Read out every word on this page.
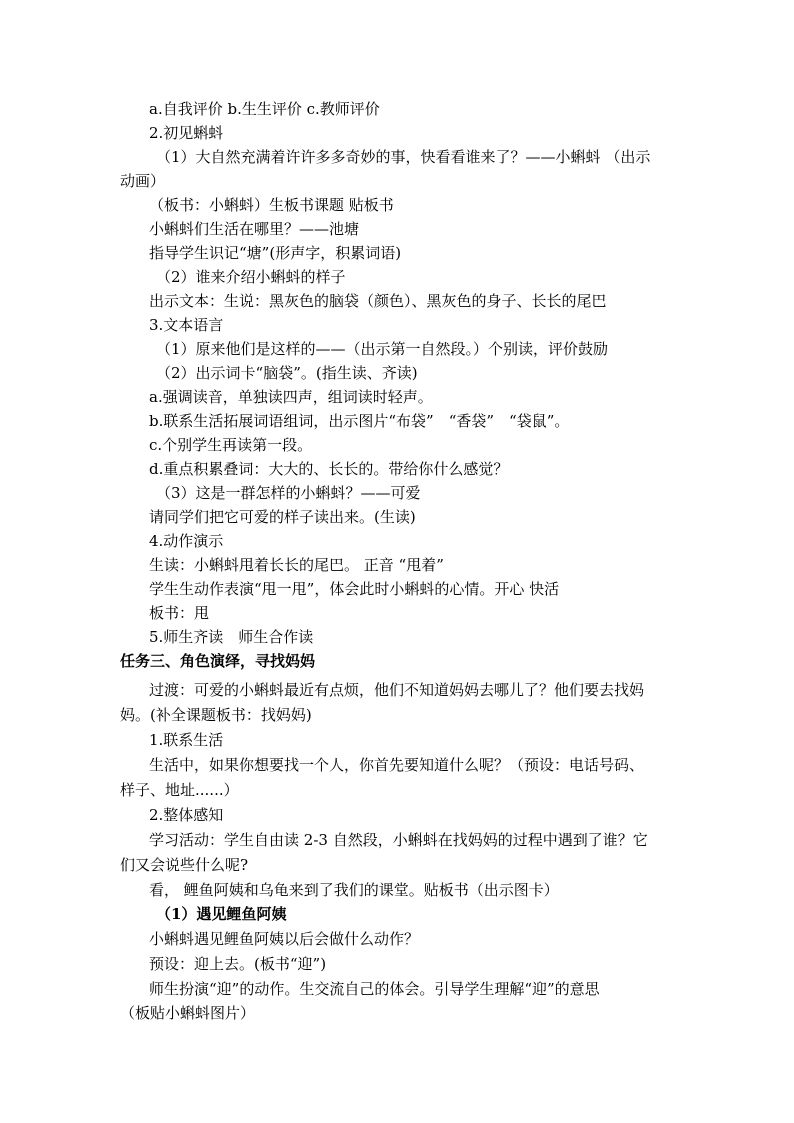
a.自我评价 b.生生评价 c.教师评价
2.初见蝌蚪
（1）大自然充满着许许多多奇妙的事，快看看谁来了？——小蝌蚪 （出示
动画）
（板书：小蝌蚪）生板书课题 贴板书
小蝌蚪们生活在哪里？——池塘
指导学生识记“塘”(形声字，积累词语)
（2）谁来介绍小蝌蚪的样子
出示文本：生说：黑灰色的脑袋（颜色）、黑灰色的身子、长长的尾巴
3.文本语言
（1）原来他们是这样的——（出示第一自然段。）个别读，评价鼓励
（2）出示词卡“脑袋”。(指生读、齐读)
a.强调读音，单独读四声，组词读时轻声。
b.联系生活拓展词语组词，出示图片“布袋”　“香袋”　“袋鼠”。
c.个别学生再读第一段。
d.重点积累叠词：大大的、长长的。带给你什么感觉？
（3）这是一群怎样的小蝌蚪？——可爱
请同学们把它可爱的样子读出来。(生读)
4.动作演示
生读：小蝌蚪甩着长长的尾巴。 正音 “甩着”
学生生动作表演“甩一甩”，体会此时小蝌蚪的心情。开心 快活
板书：甩
5.师生齐读　师生合作读
任务三、角色演绎，寻找妈妈
过渡：可爱的小蝌蚪最近有点烦，他们不知道妈妈去哪儿了？他们要去找妈
妈。(补全课题板书：找妈妈)
1.联系生活
生活中，如果你想要找一个人，你首先要知道什么呢？（预设：电话号码、
样子、地址......）
2.整体感知
学习活动：学生自由读 2-3 自然段，小蝌蚪在找妈妈的过程中遇到了谁？它
们又会说些什么呢?
看， 鲤鱼阿姨和乌龟来到了我们的课堂。贴板书（出示图卡）
（1）遇见鲤鱼阿姨
小蝌蚪遇见鲤鱼阿姨以后会做什么动作？
预设：迎上去。(板书“迎”)
师生扮演“迎”的动作。生交流自己的体会。引导学生理解“迎”的意思
（板贴小蝌蚪图片）
